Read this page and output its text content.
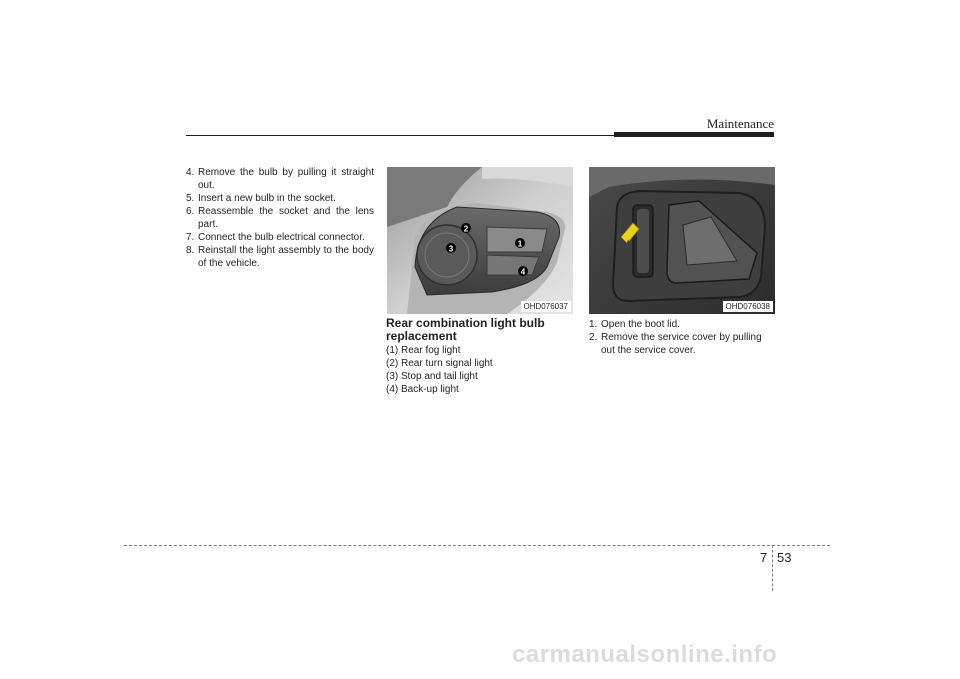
Maintenance
4. Remove the bulb by pulling it straight out.
5. Insert a new bulb in the socket.
6. Reassemble the socket and the lens part.
7. Connect the bulb electrical connector.
8. Reinstall the light assembly to the body of the vehicle.
1
2
3
4
OHD076037
Rear combination light bulb replacement
(1) Rear fog light
(2) Rear turn signal light
(3) Stop and tail light
(4) Back-up light
OHD076038
1. Open the boot lid.
2. Remove the service cover by pulling out the service cover.
7 53
carmanualsonline.info
